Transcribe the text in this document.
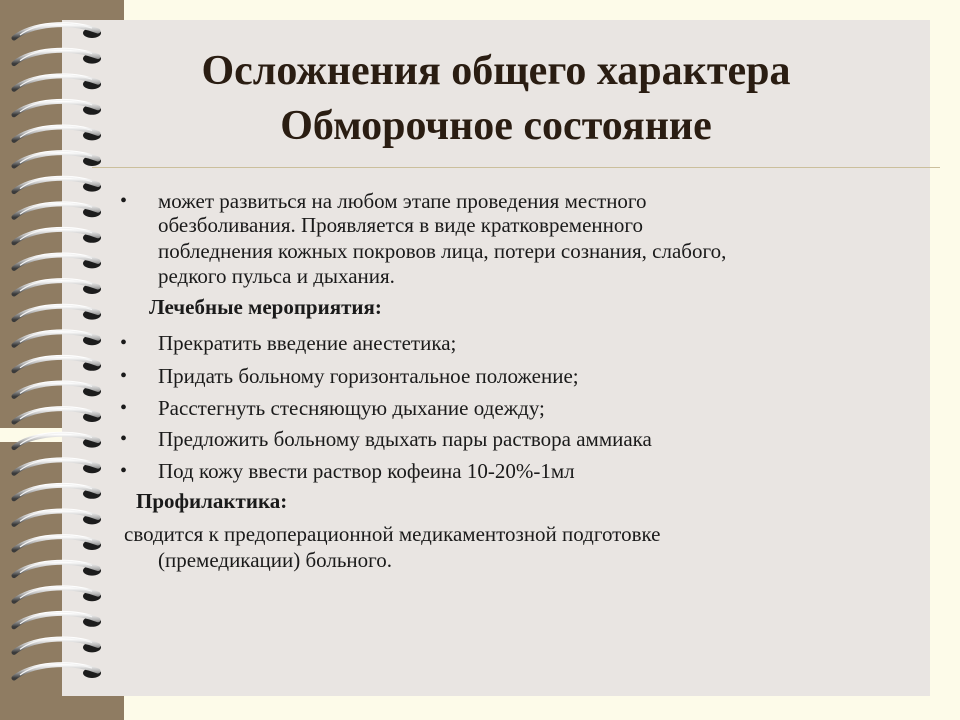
Осложнения общего характера
Обморочное состояние
• может развиться на любом этапе проведения местного
обезболивания. Проявляется в виде кратковременного
побледнения кожных покровов лица, потери сознания, слабого,
редкого пульса и дыхания.
Лечебные мероприятия:
• Прекратить введение анестетика;
• Придать больному горизонтальное положение;
• Расстегнуть стесняющую дыхание одежду;
• Предложить больному вдыхать пары раствора аммиака
• Под кожу ввести раствор кофеина 10-20%-1мл
Профилактика:
сводится к предоперационной медикаментозной подготовке
(премедикации) больного.
